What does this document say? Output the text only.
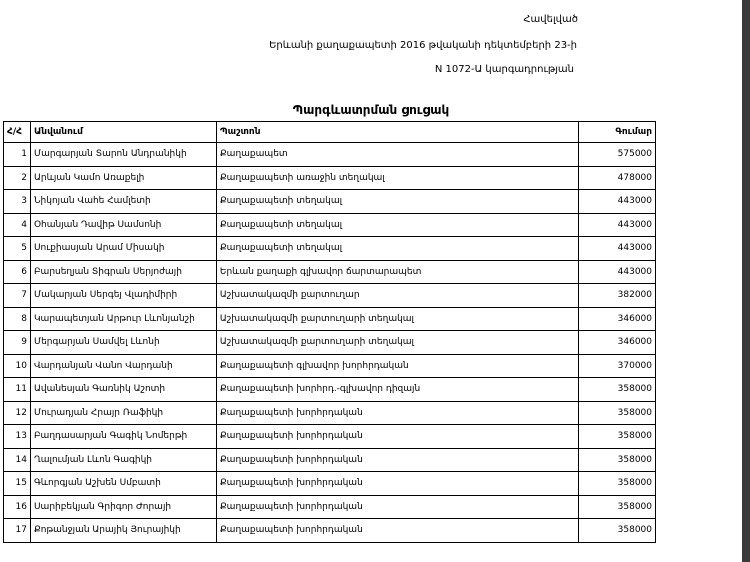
Հավելված
Երևանի քաղաքապետի 2016 թվականի դեկտեմբերի 23-ի
N 1072-Ա կարգադրության
Պարգևատրման ցուցակ
Հ/Հ	Անվանում	Պաշտոն	Գումար
1	Մարգարյան Տարոն Անդրանիկի	Քաղաքապետ	575000
2	Արևյան Կամո Առաքելի	Քաղաքապետի առաջին տեղակալ	478000
3	Նիկոյան Վահե Համլետի	Քաղաքապետի տեղակալ	443000
4	Օհանյան Դավիթ Սամսոնի	Քաղաքապետի տեղակալ	443000
5	Սուքիասյան Արամ Միսակի	Քաղաքապետի տեղակալ	443000
6	Բարսեղյան Տիգրան Սերյոժայի	Երևան քաղաքի գլխավոր ճարտարապետ	443000
7	Մակարյան Սերգեյ Վլադիմիրի	Աշխատակազմի քարտուղար	382000
8	Կարապետյան Արթուր Լևոնյանշի	Աշխատակազմի քարտուղարի տեղակալ	346000
9	Մերգարյան Սամվել Լևոնի	Աշխատակազմի քարտուղարի տեղակալ	346000
10	Վարդանյան Վանո Վարդանի	Քաղաքապետի գլխավոր խորհրդական	370000
11	Ավանեսյան Գառնիկ Աշոտի	Քաղաքապետի խորհրդ.-գլխավոր դիզայն	358000
12	Մուրադյան Հրայր Ռաֆիկի	Քաղաքապետի խորհրդական	358000
13	Բաղդասարյան Գագիկ Նոմերթի	Քաղաքապետի խորհրդական	358000
14	Ղալումյան Լևոն Գագիկի	Քաղաքապետի խորհրդական	358000
15	Գևորգյան Աշխեն Սմբատի	Քաղաքապետի խորհրդական	358000
16	Սարիբեկյան Գրիգոր Ժորայի	Քաղաքապետի խորհրդական	358000
17	Քոթանջյան Արայիկ Յուրայիկի	Քաղաքապետի խորհրդական	358000
